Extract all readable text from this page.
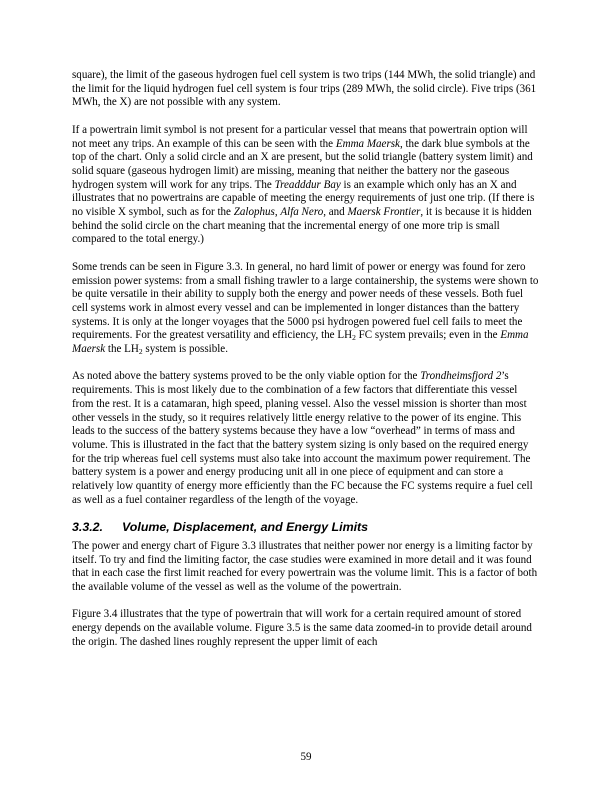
square), the limit of the gaseous hydrogen fuel cell system is two trips (144 MWh, the solid triangle) and the limit for the liquid hydrogen fuel cell system is four trips (289 MWh, the solid circle). Five trips (361 MWh, the X) are not possible with any system.

If a powertrain limit symbol is not present for a particular vessel that means that powertrain option will not meet any trips. An example of this can be seen with the Emma Maersk, the dark blue symbols at the top of the chart. Only a solid circle and an X are present, but the solid triangle (battery system limit) and solid square (gaseous hydrogen limit) are missing, meaning that neither the battery nor the gaseous hydrogen system will work for any trips. The Treadddur Bay is an example which only has an X and illustrates that no powertrains are capable of meeting the energy requirements of just one trip. (If there is no visible X symbol, such as for the Zalophus, Alfa Nero, and Maersk Frontier, it is because it is hidden behind the solid circle on the chart meaning that the incremental energy of one more trip is small compared to the total energy.)

Some trends can be seen in Figure 3.3. In general, no hard limit of power or energy was found for zero emission power systems: from a small fishing trawler to a large containership, the systems were shown to be quite versatile in their ability to supply both the energy and power needs of these vessels. Both fuel cell systems work in almost every vessel and can be implemented in longer distances than the battery systems. It is only at the longer voyages that the 5000 psi hydrogen powered fuel cell fails to meet the requirements. For the greatest versatility and efficiency, the $LH_2$ FC system prevails; even in the Emma Maersk the $LH_2$ system is possible.

As noted above the battery systems proved to be the only viable option for the Trondheimsfjord 2’s requirements. This is most likely due to the combination of a few factors that differentiate this vessel from the rest. It is a catamaran, high speed, planing vessel. Also the vessel mission is shorter than most other vessels in the study, so it requires relatively little energy relative to the power of its engine. This leads to the success of the battery systems because they have a low “overhead” in terms of mass and volume. This is illustrated in the fact that the battery system sizing is only based on the required energy for the trip whereas fuel cell systems must also take into account the maximum power requirement. The battery system is a power and energy producing unit all in one piece of equipment and can store a relatively low quantity of energy more efficiently than the FC because the FC systems require a fuel cell as well as a fuel container regardless of the length of the voyage.

3.3.2. Volume, Displacement, and Energy Limits

The power and energy chart of Figure 3.3 illustrates that neither power nor energy is a limiting factor by itself. To try and find the limiting factor, the case studies were examined in more detail and it was found that in each case the first limit reached for every powertrain was the volume limit. This is a factor of both the available volume of the vessel as well as the volume of the powertrain.

Figure 3.4 illustrates that the type of powertrain that will work for a certain required amount of stored energy depends on the available volume. Figure 3.5 is the same data zoomed-in to provide detail around the origin. The dashed lines roughly represent the upper limit of each

59
